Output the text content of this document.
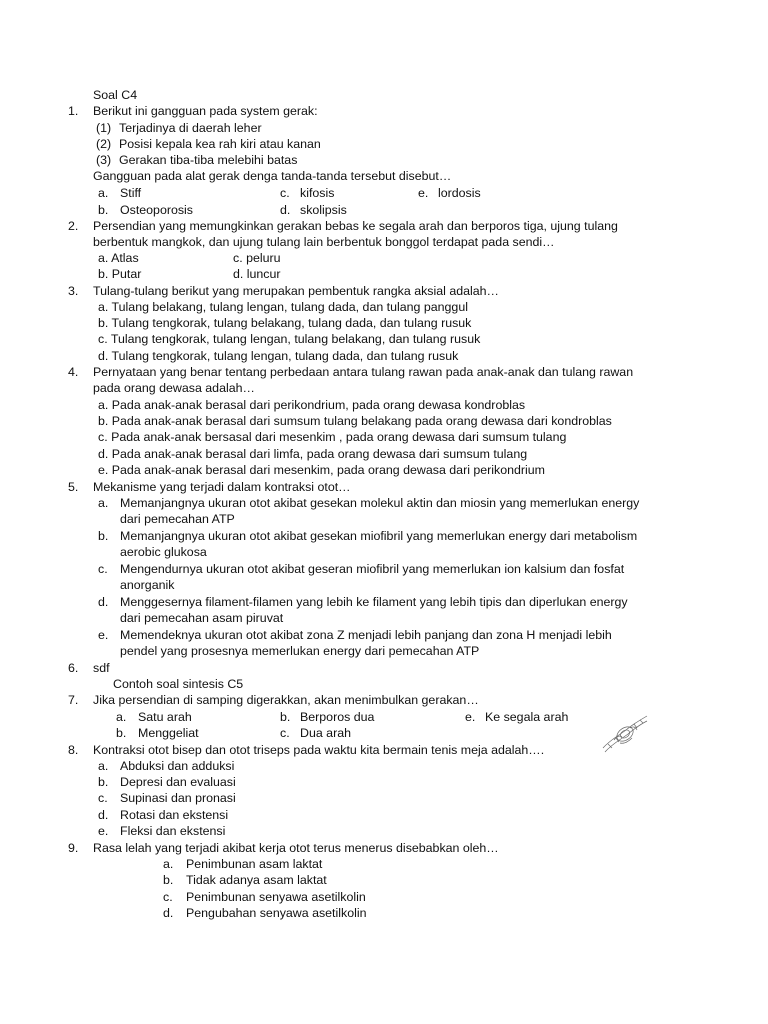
Soal C4
1. Berikut ini gangguan pada system gerak:
(1) Terjadinya di daerah leher
(2) Posisi kepala kea rah kiri atau kanan
(3) Gerakan tiba-tiba melebihi batas
Gangguan pada alat gerak denga tanda-tanda tersebut disebut…
a. Stiff	c. kifosis	e. lordosis
b. Osteoporosis	d. skolipsis
2. Persendian yang memungkinkan gerakan bebas ke segala arah dan berporos tiga, ujung tulang
berbentuk mangkok, dan ujung tulang lain berbentuk bonggol terdapat pada sendi…
a. Atlas	c. peluru
b. Putar	d. luncur
3. Tulang-tulang berikut yang merupakan pembentuk rangka aksial adalah…
a. Tulang belakang, tulang lengan, tulang dada, dan tulang panggul
b. Tulang tengkorak, tulang belakang, tulang dada, dan tulang rusuk
c. Tulang tengkorak, tulang lengan, tulang belakang, dan tulang rusuk
d. Tulang tengkorak, tulang lengan, tulang dada, dan tulang rusuk
4. Pernyataan yang benar tentang perbedaan antara tulang rawan pada anak-anak dan tulang rawan
pada orang dewasa adalah…
a. Pada anak-anak berasal dari perikondrium, pada orang dewasa kondroblas
b. Pada anak-anak berasal dari sumsum tulang belakang pada orang dewasa dari kondroblas
c. Pada anak-anak bersasal dari mesenkim , pada orang dewasa dari sumsum tulang
d. Pada anak-anak berasal dari limfa, pada orang dewasa dari sumsum tulang
e. Pada anak-anak berasal dari mesenkim, pada orang dewasa dari perikondrium
5. Mekanisme yang terjadi dalam kontraksi otot…
a. Memanjangnya ukuran otot akibat gesekan molekul aktin dan miosin yang memerlukan energy
dari pemecahan ATP
b. Memanjangnya ukuran otot akibat gesekan miofibril yang memerlukan energy dari metabolism
aerobic glukosa
c. Mengendurnya ukuran otot akibat geseran miofibril yang memerlukan ion kalsium dan fosfat
anorganik
d. Menggesernya filament-filamen yang lebih ke filament yang lebih tipis dan diperlukan energy
dari pemecahan asam piruvat
e. Memendeknya ukuran otot akibat zona Z menjadi lebih panjang dan zona H menjadi lebih
pendel yang prosesnya memerlukan energy dari pemecahan ATP
6. sdf
Contoh soal sintesis C5
7. Jika persendian di samping digerakkan, akan menimbulkan gerakan…
a. Satu arah	b. Berporos dua	e. Ke segala arah
b. Menggeliat	c. Dua arah
8. Kontraksi otot bisep dan otot triseps pada waktu kita bermain tenis meja adalah….
a. Abduksi dan adduksi
b. Depresi dan evaluasi
c. Supinasi dan pronasi
d. Rotasi dan ekstensi
e. Fleksi dan ekstensi
9. Rasa lelah yang terjadi akibat kerja otot terus menerus disebabkan oleh…
a. Penimbunan asam laktat
b. Tidak adanya asam laktat
c. Penimbunan senyawa asetilkolin
d. Pengubahan senyawa asetilkolin
